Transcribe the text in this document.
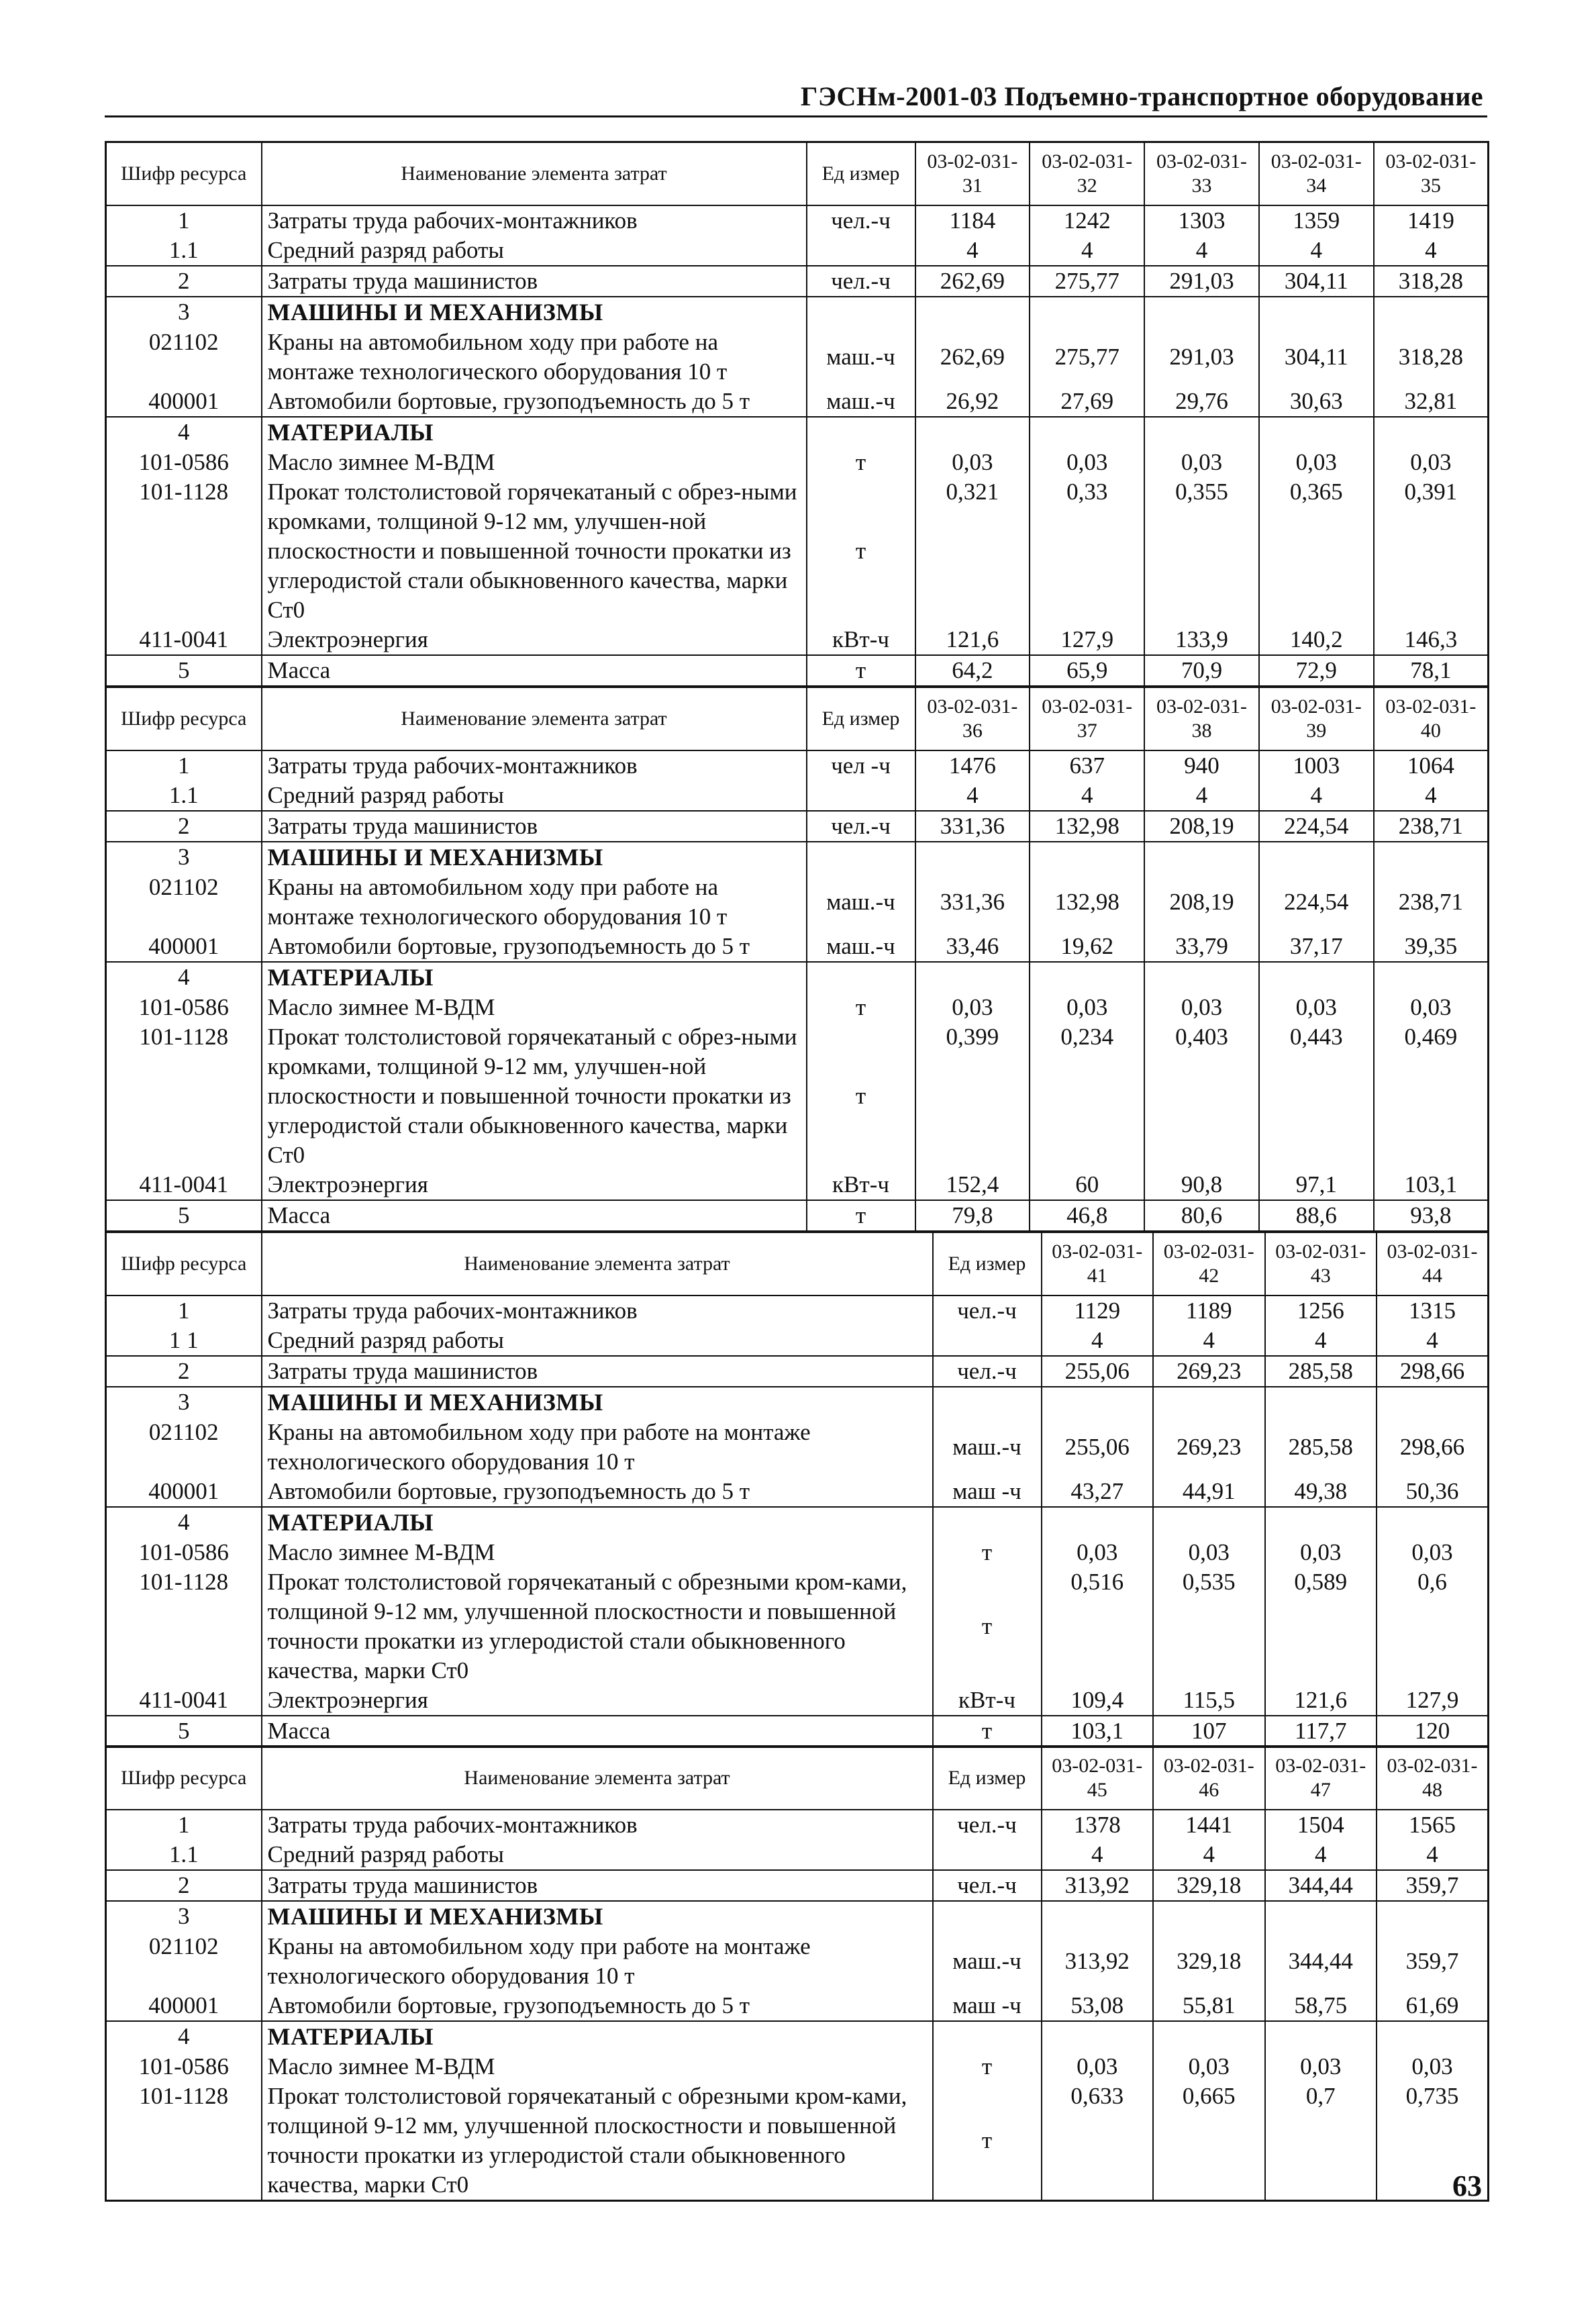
ГЭСНм-2001-03 Подъемно-транспортное оборудование
Шифр ресурса	Наименование элемента затрат	Ед измер	03-02-031-31	03-02-031-32	03-02-031-33	03-02-031-34	03-02-031-35
1	Затраты труда рабочих-монтажников	чел.-ч	1184	1242	1303	1359	1419
1.1	Средний разряд работы		4	4	4	4	4
2	Затраты труда машинистов	чел.-ч	262,69	275,77	291,03	304,11	318,28
3	МАШИНЫ И МЕХАНИЗМЫ						
021102	Краны на автомобильном ходу при работе на монтаже технологического оборудования 10 т	маш.-ч	262,69	275,77	291,03	304,11	318,28
400001	Автомобили бортовые, грузоподъемность до 5 т	маш.-ч	26,92	27,69	29,76	30,63	32,81
4	МАТЕРИАЛЫ						
101-0586	Масло зимнее М-ВДМ	т	0,03	0,03	0,03	0,03	0,03
101-1128	Прокат толстолистовой горячекатаный с обрез-ными кромками, толщиной 9-12 мм, улучшен-ной плоскостности и повышенной точности прокатки из углеродистой стали обыкновенного качества, марки Ст0	т	0,321	0,33	0,355	0,365	0,391
411-0041	Электроэнергия	кВт-ч	121,6	127,9	133,9	140,2	146,3
5	Масса	т	64,2	65,9	70,9	72,9	78,1
Шифр ресурса	Наименование элемента затрат	Ед измер	03-02-031-36	03-02-031-37	03-02-031-38	03-02-031-39	03-02-031-40
1	Затраты труда рабочих-монтажников	чел -ч	1476	637	940	1003	1064
1.1	Средний разряд работы		4	4	4	4	4
2	Затраты труда машинистов	чел.-ч	331,36	132,98	208,19	224,54	238,71
3	МАШИНЫ И МЕХАНИЗМЫ						
021102	Краны на автомобильном ходу при работе на монтаже технологического оборудования 10 т	маш.-ч	331,36	132,98	208,19	224,54	238,71
400001	Автомобили бортовые, грузоподъемность до 5 т	маш.-ч	33,46	19,62	33,79	37,17	39,35
4	МАТЕРИАЛЫ						
101-0586	Масло зимнее М-ВДМ	т	0,03	0,03	0,03	0,03	0,03
101-1128	Прокат толстолистовой горячекатаный с обрез-ными кромками, толщиной 9-12 мм, улучшен-ной плоскостности и повышенной точности прокатки из углеродистой стали обыкновенного качества, марки Ст0	т	0,399	0,234	0,403	0,443	0,469
411-0041	Электроэнергия	кВт-ч	152,4	60	90,8	97,1	103,1
5	Масса	т	79,8	46,8	80,6	88,6	93,8
Шифр ресурса	Наименование элемента затрат	Ед измер	03-02-031-41	03-02-031-42	03-02-031-43	03-02-031-44
1	Затраты труда рабочих-монтажников	чел.-ч	1129	1189	1256	1315
1 1	Средний разряд работы		4	4	4	4
2	Затраты труда машинистов	чел.-ч	255,06	269,23	285,58	298,66
3	МАШИНЫ И МЕХАНИЗМЫ					
021102	Краны на автомобильном ходу при работе на монтаже технологического оборудования 10 т	маш.-ч	255,06	269,23	285,58	298,66
400001	Автомобили бортовые, грузоподъемность до 5 т	маш -ч	43,27	44,91	49,38	50,36
4	МАТЕРИАЛЫ					
101-0586	Масло зимнее М-ВДМ	т	0,03	0,03	0,03	0,03
101-1128	Прокат толстолистовой горячекатаный с обрезными кром-ками, толщиной 9-12 мм, улучшенной плоскостности и повышенной точности прокатки из углеродистой стали обыкновенного качества, марки Ст0	т	0,516	0,535	0,589	0,6
411-0041	Электроэнергия	кВт-ч	109,4	115,5	121,6	127,9
5	Масса	т	103,1	107	117,7	120
Шифр ресурса	Наименование элемента затрат	Ед измер	03-02-031-45	03-02-031-46	03-02-031-47	03-02-031-48
1	Затраты труда рабочих-монтажников	чел.-ч	1378	1441	1504	1565
1.1	Средний разряд работы		4	4	4	4
2	Затраты труда машинистов	чел.-ч	313,92	329,18	344,44	359,7
3	МАШИНЫ И МЕХАНИЗМЫ					
021102	Краны на автомобильном ходу при работе на монтаже технологического оборудования 10 т	маш.-ч	313,92	329,18	344,44	359,7
400001	Автомобили бортовые, грузоподъемность до 5 т	маш -ч	53,08	55,81	58,75	61,69
4	МАТЕРИАЛЫ					
101-0586	Масло зимнее М-ВДМ	т	0,03	0,03	0,03	0,03
101-1128	Прокат толстолистовой горячекатаный с обрезными кром-ками, толщиной 9-12 мм, улучшенной плоскостности и повышенной точности прокатки из углеродистой стали обыкновенного качества, марки Ст0	т	0,633	0,665	0,7	0,735
63
